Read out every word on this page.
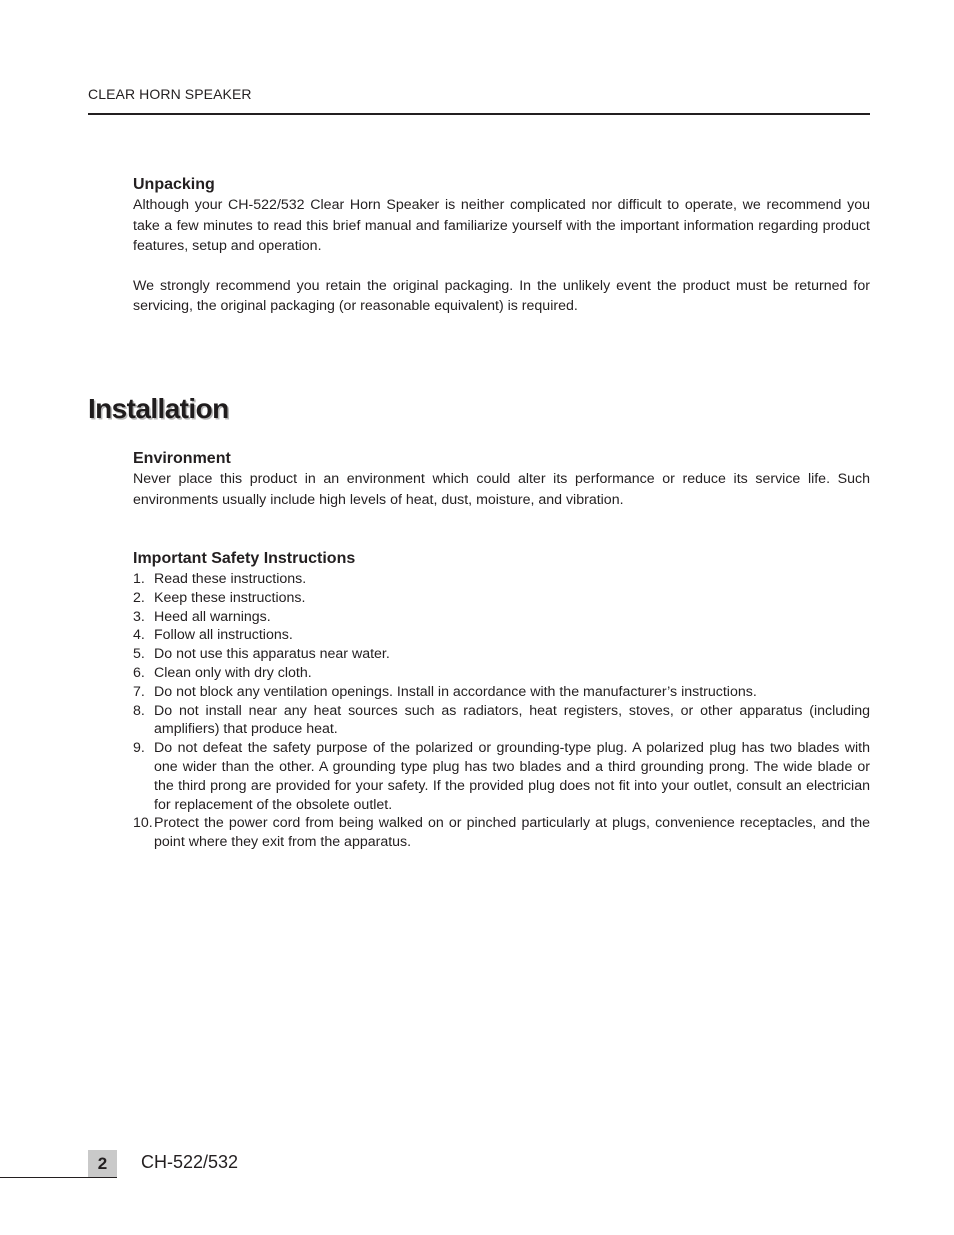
CLEAR HORN SPEAKER
Unpacking

Although your CH-522/532 Clear Horn Speaker is neither complicated nor difficult to operate, we recommend you take a few minutes to read this brief manual and familiarize yourself with the important information regarding product features, setup and operation.

We strongly recommend you retain the original packaging. In the unlikely event the product must be returned for servicing, the original packaging (or reasonable equivalent) is required.

Installation
Environment

Never place this product in an environment which could alter its performance or reduce its service life. Such environments usually include high levels of heat, dust, moisture, and vibration.

Important Safety Instructions
1. Read these instructions.
2. Keep these instructions.
3. Heed all warnings.
4. Follow all instructions.
5. Do not use this apparatus near water.
6. Clean only with dry cloth.
7. Do not block any ventilation openings. Install in accordance with the manufacturer’s instructions.
8. Do not install near any heat sources such as radiators, heat registers, stoves, or other apparatus (including amplifiers) that produce heat.
9. Do not defeat the safety purpose of the polarized or grounding-type plug. A polarized plug has two blades with one wider than the other. A grounding type plug has two blades and a third grounding prong. The wide blade or the third prong are provided for your safety. If the provided plug does not fit into your outlet, consult an electrician for replacement of the obsolete outlet.
10. Protect the power cord from being walked on or pinched particularly at plugs, convenience receptacles, and the point where they exit from the apparatus.
2	CH-522/532
